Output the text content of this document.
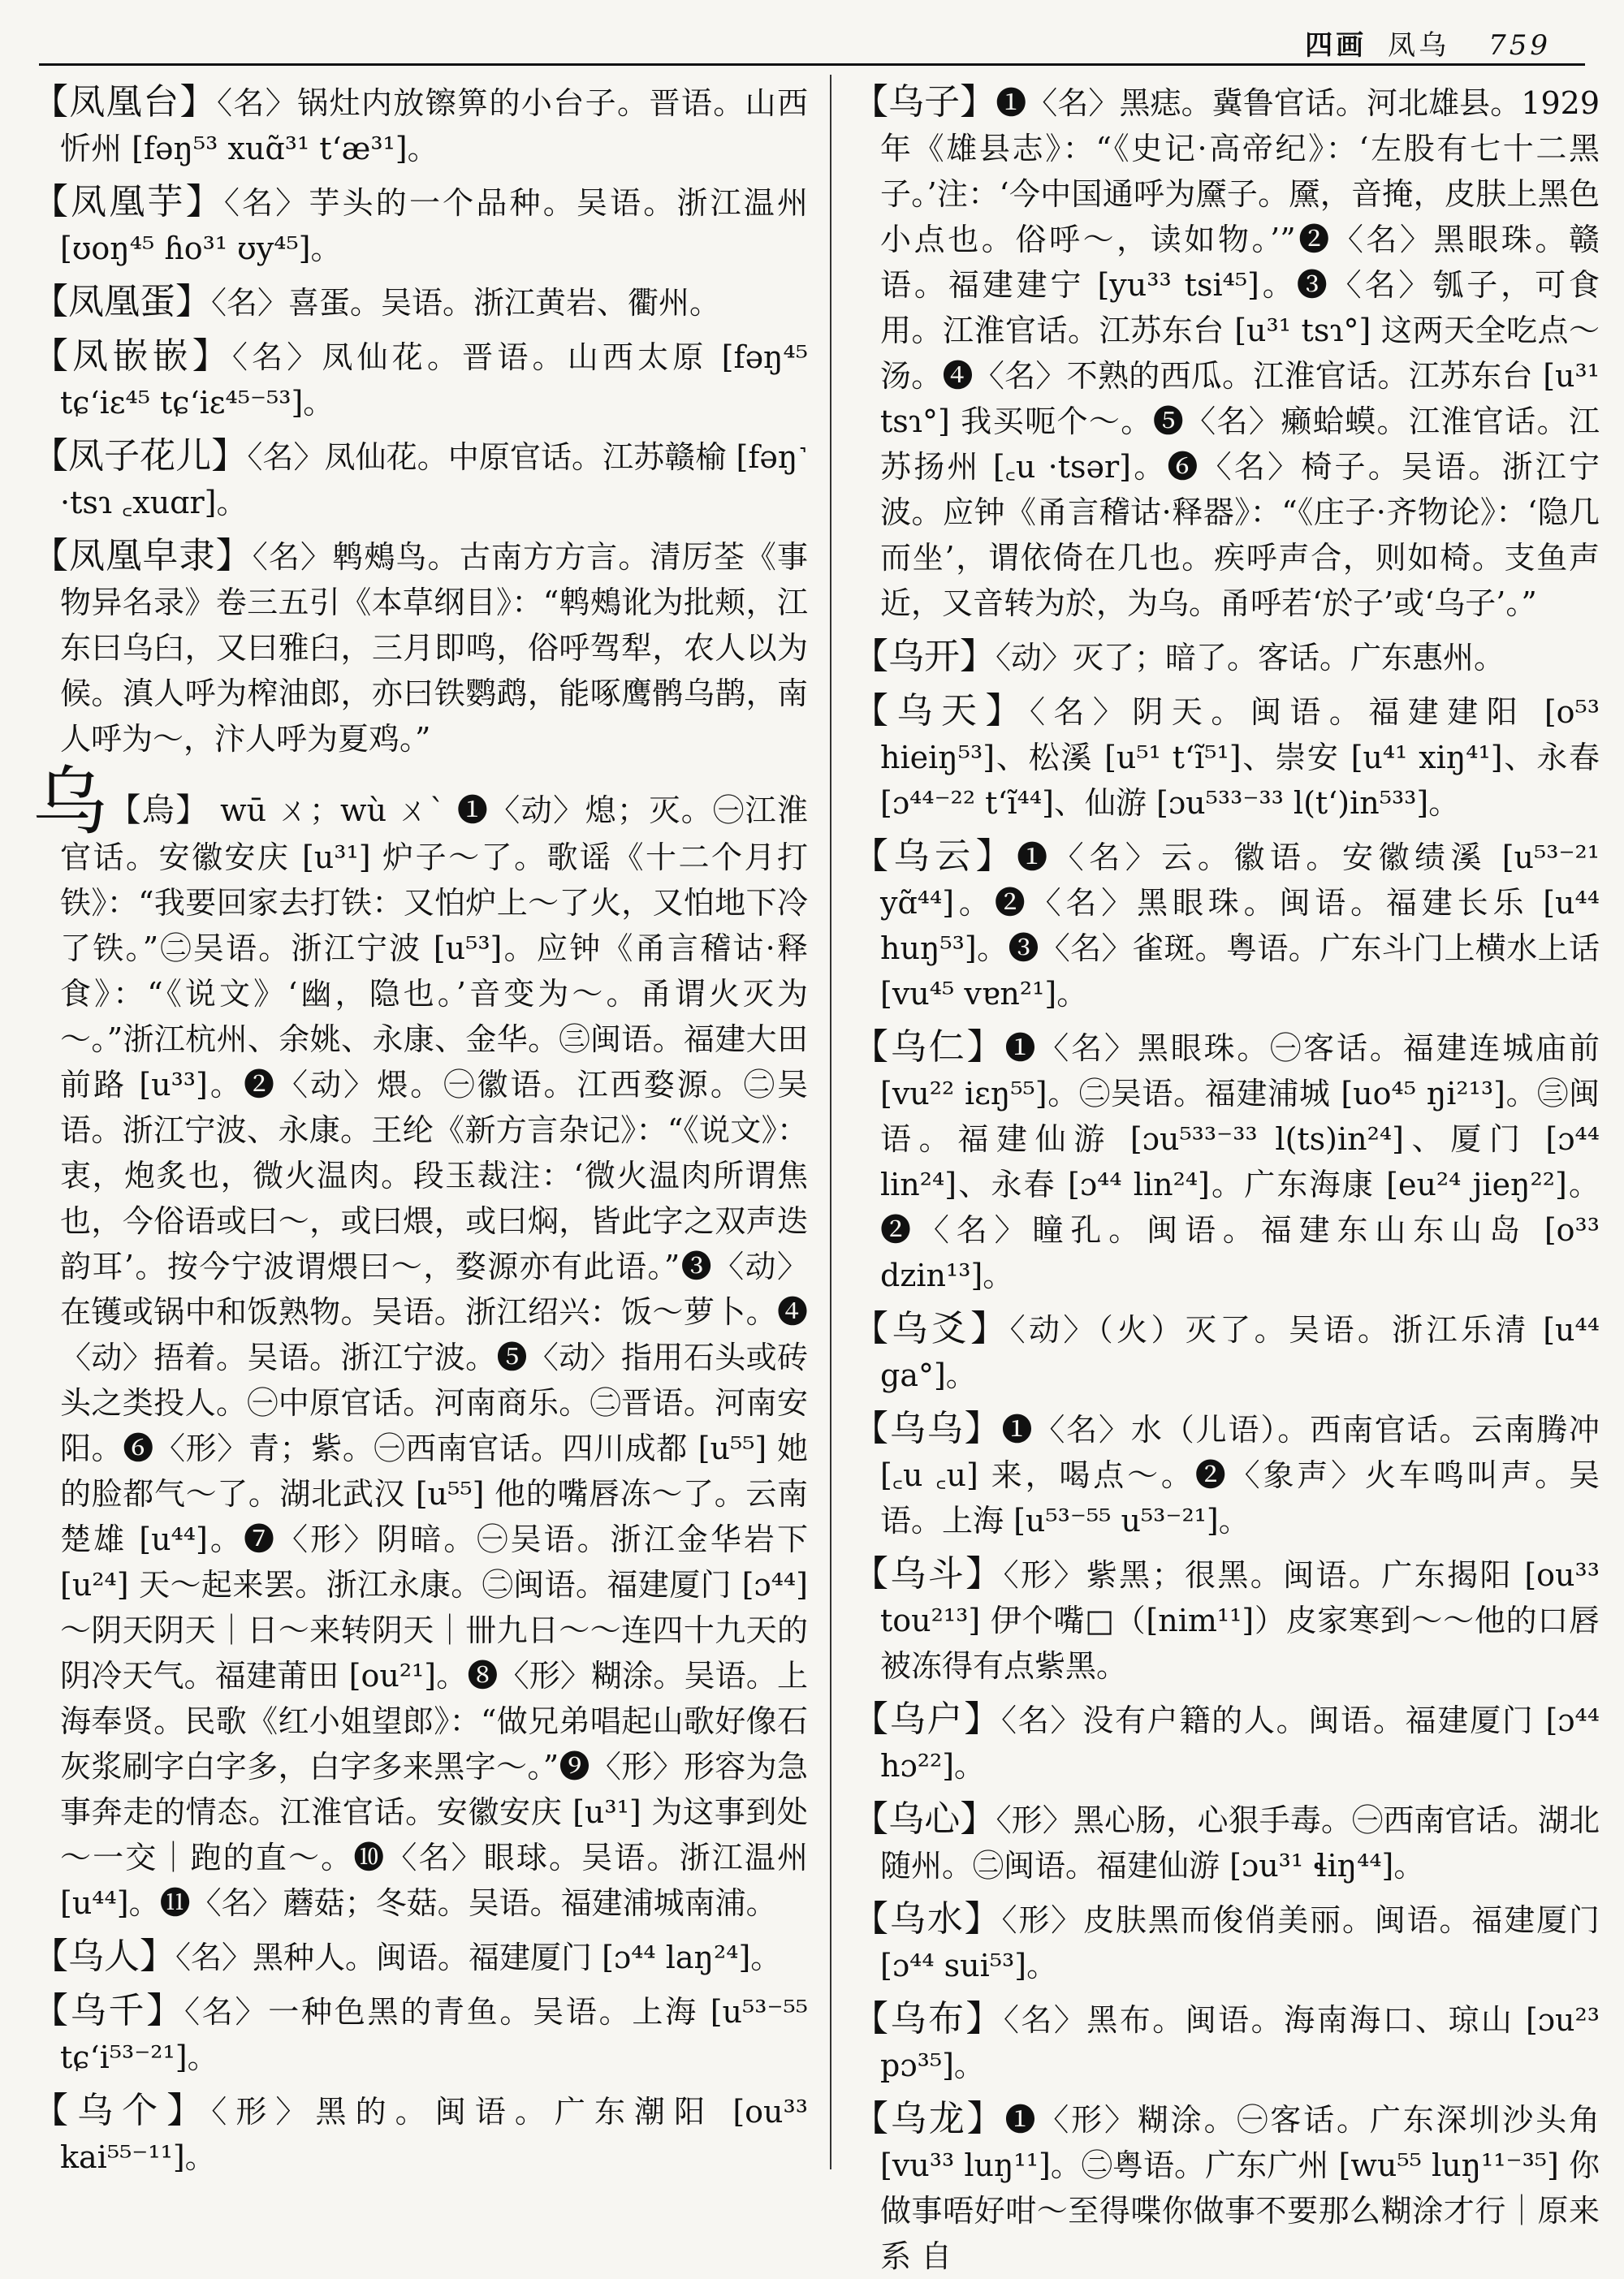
四画 凤乌 759

【凤凰台】〈名〉锅灶内放镲箅的小台子。晋语。山西忻州 [fəŋ⁵³ xuɑ̃³¹ tʻæ³¹]。

【凤凰芋】〈名〉芋头的一个品种。吴语。浙江温州 [ʊoŋ⁴⁵ ɦo³¹ ʊy⁴⁵]。

【凤凰蛋】〈名〉喜蛋。吴语。浙江黄岩、衢州。

【凤嵌嵌】〈名〉凤仙花。晋语。山西太原 [fəŋ⁴⁵ tɕʻiɛ⁴⁵ tɕʻiɛ⁴⁵⁻⁵³]。

【凤子花儿】〈名〉凤仙花。中原官话。江苏赣榆 [fəŋ˺ ·tsɿ ꜀xuɑr]。

【凤凰皁隶】〈名〉鹎鵊鸟。古南方方言。清厉荃《事物异名录》卷三五引《本草纲目》：“鹎鵊讹为批颊，江东曰乌臼，又曰雅臼，三月即鸣，俗呼驾犁，农人以为候。滇人呼为榨油郎，亦曰铁鹦鹉，能啄鹰鹘乌鹊，南人呼为～，汴人呼为夏鸡。”

乌【烏】 wū ㄨ；wù ㄨˋ ❶〈动〉熄；灭。㊀江淮官话。安徽安庆 [u³¹] 炉子～了。歌谣《十二个月打铁》：“我要回家去打铁：又怕炉上～了火，又怕地下冷了铁。”㊁吴语。浙江宁波 [u⁵³]。应钟《甬言稽诂·释食》：“《说文》‘幽，隐也。’音变为～。甬谓火灭为～。”浙江杭州、余姚、永康、金华。㊂闽语。福建大田前路 [u³³]。❷〈动〉煨。㊀徽语。江西婺源。㊁吴语。浙江宁波、永康。王纶《新方言杂记》：“《说文》：衷，炮炙也，微火温肉。段玉裁注：‘微火温肉所谓焦也，今俗语或曰～，或曰煨，或曰焖，皆此字之双声迭韵耳’。按今宁波谓煨曰～，婺源亦有此语。”❸〈动〉在镬或锅中和饭熟物。吴语。浙江绍兴：饭～萝卜。❹〈动〉捂着。吴语。浙江宁波。❺〈动〉指用石头或砖头之类投人。㊀中原官话。河南商乐。㊁晋语。河南安阳。❻〈形〉青；紫。㊀西南官话。四川成都 [u⁵⁵] 她的脸都气～了。湖北武汉 [u⁵⁵] 他的嘴唇冻～了。云南楚雄 [u⁴⁴]。❼〈形〉阴暗。㊀吴语。浙江金华岩下 [u²⁴] 天～起来罢。浙江永康。㊁闽语。福建厦门 [ɔ⁴⁴]～阴天阴天｜日～来转阴天｜卌九日～～连四十九天的阴冷天气。福建莆田 [ou²¹]。❽〈形〉糊涂。吴语。上海奉贤。民歌《红小姐望郎》：“做兄弟唱起山歌好像石灰浆刷字白字多，白字多来黑字～。”❾〈形〉形容为急事奔走的情态。江淮官话。安徽安庆 [u³¹] 为这事到处～一交｜跑的直～。❿〈名〉眼球。吴语。浙江温州 [u⁴⁴]。⓫〈名〉蘑菇；冬菇。吴语。福建浦城南浦。

【乌人】〈名〉黑种人。闽语。福建厦门 [ɔ⁴⁴ laŋ²⁴]。

【乌千】〈名〉一种色黑的青鱼。吴语。上海 [u⁵³⁻⁵⁵ tɕʻi⁵³⁻²¹]。

【乌个】〈形〉黑的。闽语。广东潮阳 [ou³³ kai⁵⁵⁻¹¹]。

【乌子】❶〈名〉黑痣。冀鲁官话。河北雄县。1929年《雄县志》：“《史记·高帝纪》：‘左股有七十二黑子。’注：‘今中国通呼为黡子。黡，音掩，皮肤上黑色小点也。俗呼～，读如物。’”❷〈名〉黑眼珠。赣语。福建建宁 [yu³³ tsi⁴⁵]。❸〈名〉瓠子，可食用。江淮官话。江苏东台 [u³¹ tsɿ°] 这两天全吃点～汤。❹〈名〉不熟的西瓜。江淮官话。江苏东台 [u³¹ tsɿ°] 我买呃个～。❺〈名〉癞蛤蟆。江淮官话。江苏扬州 [꜀u ·tsər]。❻〈名〉椅子。吴语。浙江宁波。应钟《甬言稽诂·释器》：“《庄子·齐物论》：‘隐几而坐’，谓依倚在几也。疾呼声合，则如椅。支鱼声近，又音转为於，为乌。甬呼若‘於子’或‘乌子’。”

【乌开】〈动〉灭了；暗了。客话。广东惠州。

【乌天】〈名〉阴天。闽语。福建建阳 [o⁵³ hieiŋ⁵³]、松溪 [u⁵¹ tʻĩ⁵¹]、崇安 [u⁴¹ xiŋ⁴¹]、永春 [ɔ⁴⁴⁻²² tʻĩ⁴⁴]、仙游 [ɔu⁵³³⁻³³ l(tʻ)in⁵³³]。

【乌云】❶〈名〉云。徽语。安徽绩溪 [u⁵³⁻²¹ yɑ̃⁴⁴]。❷〈名〉黑眼珠。闽语。福建长乐 [u⁴⁴ huŋ⁵³]。❸〈名〉雀斑。粤语。广东斗门上横水上话 [vu⁴⁵ vɐn²¹]。

【乌仁】❶〈名〉黑眼珠。㊀客话。福建连城庙前 [vu²² iɛŋ⁵⁵]。㊁吴语。福建浦城 [uo⁴⁵ ŋi²¹³]。㊂闽语。福建仙游 [ɔu⁵³³⁻³³ l(ts)in²⁴]、厦门 [ɔ⁴⁴ lin²⁴]、永春 [ɔ⁴⁴ lin²⁴]。广东海康 [eu²⁴ jieŋ²²]。❷〈名〉瞳孔。闽语。福建东山东山岛 [o³³ dzin¹³]。

【乌爻】〈动〉（火）灭了。吴语。浙江乐清 [u⁴⁴ ga°]。

【乌乌】❶〈名〉水（儿语）。西南官话。云南腾冲 [꜀u ꜀u] 来，喝点～。❷〈象声〉火车鸣叫声。吴语。上海 [u⁵³⁻⁵⁵ u⁵³⁻²¹]。

【乌斗】〈形〉紫黑；很黑。闽语。广东揭阳 [ou³³ tou²¹³] 伊个嘴□（[nim¹¹]）皮家寒到～～他的口唇被冻得有点紫黑。

【乌户】〈名〉没有户籍的人。闽语。福建厦门 [ɔ⁴⁴ hɔ²²]。

【乌心】〈形〉黑心肠，心狠手毒。㊀西南官话。湖北随州。㊁闽语。福建仙游 [ɔu³¹ ɬiŋ⁴⁴]。

【乌水】〈形〉皮肤黑而俊俏美丽。闽语。福建厦门 [ɔ⁴⁴ sui⁵³]。

【乌布】〈名〉黑布。闽语。海南海口、琼山 [ɔu²³ pɔ³⁵]。

【乌龙】❶〈形〉糊涂。㊀客话。广东深圳沙头角 [vu³³ luŋ¹¹]。㊁粤语。广东广州 [wu⁵⁵ luŋ¹¹⁻³⁵] 你做事唔好咁～至得喋你做事不要那么糊涂才行｜原来系 自
